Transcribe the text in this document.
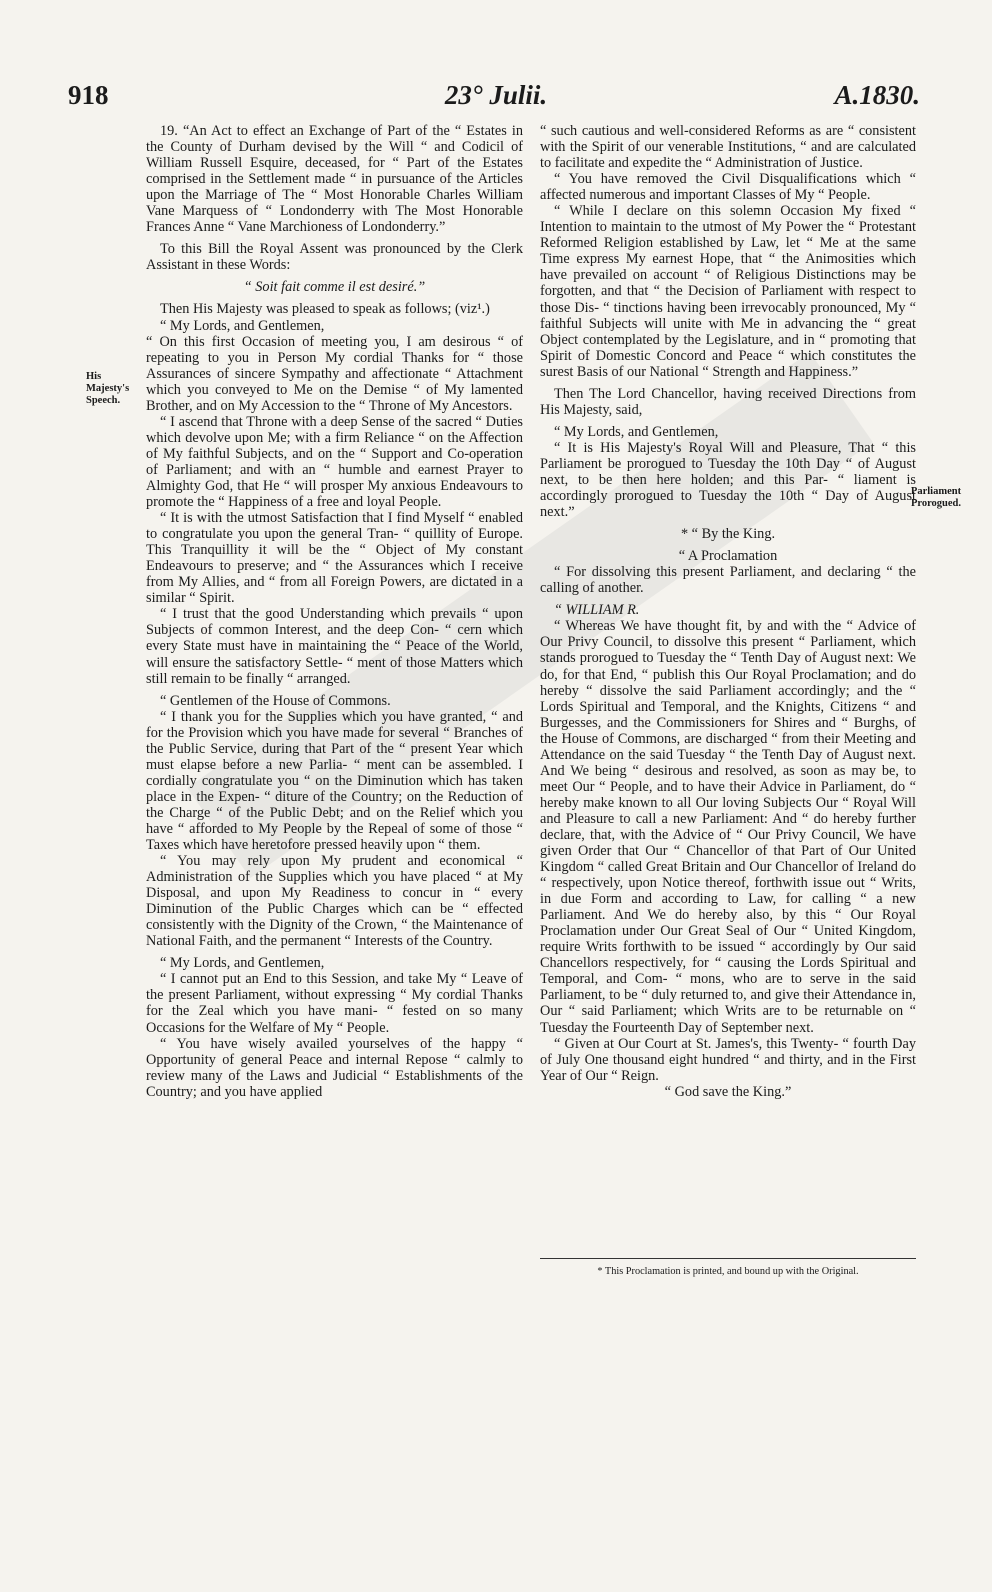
918	23° Julii.	A.1830.
His Majesty's Speech.
Parliament Prorogued.

19. “An Act to effect an Exchange of Part of the “ Estates in the County of Durham devised by the Will “ and Codicil of William Russell Esquire, deceased, for “ Part of the Estates comprised in the Settlement made “ in pursuance of the Articles upon the Marriage of The “ Most Honorable Charles William Vane Marquess of “ Londonderry with The Most Honorable Frances Anne “ Vane Marchioness of Londonderry.”

To this Bill the Royal Assent was pronounced by the Clerk Assistant in these Words:

“ Soit fait comme il est desiré.”

Then His Majesty was pleased to speak as follows; (viz¹.)

“ My Lords, and Gentlemen,

“ On this first Occasion of meeting you, I am desirous “ of repeating to you in Person My cordial Thanks for “ those Assurances of sincere Sympathy and affectionate “ Attachment which you conveyed to Me on the Demise “ of My lamented Brother, and on My Accession to the “ Throne of My Ancestors.

“ I ascend that Throne with a deep Sense of the sacred “ Duties which devolve upon Me; with a firm Reliance “ on the Affection of My faithful Subjects, and on the “ Support and Co-operation of Parliament; and with an “ humble and earnest Prayer to Almighty God, that He “ will prosper My anxious Endeavours to promote the “ Happiness of a free and loyal People.

“ It is with the utmost Satisfaction that I find Myself “ enabled to congratulate you upon the general Tran- “ quillity of Europe. This Tranquillity it will be the “ Object of My constant Endeavours to preserve; and “ the Assurances which I receive from My Allies, and “ from all Foreign Powers, are dictated in a similar “ Spirit.

“ I trust that the good Understanding which prevails “ upon Subjects of common Interest, and the deep Con- “ cern which every State must have in maintaining the “ Peace of the World, will ensure the satisfactory Settle- “ ment of those Matters which still remain to be finally “ arranged.

“ Gentlemen of the House of Commons.

“ I thank you for the Supplies which you have granted, “ and for the Provision which you have made for several “ Branches of the Public Service, during that Part of the “ present Year which must elapse before a new Parlia- “ ment can be assembled. I cordially congratulate you “ on the Diminution which has taken place in the Expen- “ diture of the Country; on the Reduction of the Charge “ of the Public Debt; and on the Relief which you have “ afforded to My People by the Repeal of some of those “ Taxes which have heretofore pressed heavily upon “ them.

“ You may rely upon My prudent and economical “ Administration of the Supplies which you have placed “ at My Disposal, and upon My Readiness to concur in “ every Diminution of the Public Charges which can be “ effected consistently with the Dignity of the Crown, “ the Maintenance of National Faith, and the permanent “ Interests of the Country.

“ My Lords, and Gentlemen,

“ I cannot put an End to this Session, and take My “ Leave of the present Parliament, without expressing “ My cordial Thanks for the Zeal which you have mani- “ fested on so many Occasions for the Welfare of My “ People.

“ You have wisely availed yourselves of the happy “ Opportunity of general Peace and internal Repose “ calmly to review many of the Laws and Judicial “ Establishments of the Country; and you have applied

“ such cautious and well-considered Reforms as are “ consistent with the Spirit of our venerable Institutions, “ and are calculated to facilitate and expedite the “ Administration of Justice.

“ You have removed the Civil Disqualifications which “ affected numerous and important Classes of My “ People.

“ While I declare on this solemn Occasion My fixed “ Intention to maintain to the utmost of My Power the “ Protestant Reformed Religion established by Law, let “ Me at the same Time express My earnest Hope, that “ the Animosities which have prevailed on account “ of Religious Distinctions may be forgotten, and that “ the Decision of Parliament with respect to those Dis- “ tinctions having been irrevocably pronounced, My “ faithful Subjects will unite with Me in advancing the “ great Object contemplated by the Legislature, and in “ promoting that Spirit of Domestic Concord and Peace “ which constitutes the surest Basis of our National “ Strength and Happiness.”

Then The Lord Chancellor, having received Directions from His Majesty, said,

“ My Lords, and Gentlemen,

“ It is His Majesty's Royal Will and Pleasure, That “ this Parliament be prorogued to Tuesday the 10th Day “ of August next, to be then here holden; and this Par- “ liament is accordingly prorogued to Tuesday the 10th “ Day of August next.”

* “ By the King.

“ A Proclamation

“ For dissolving this present Parliament, and declaring “ the calling of another.

“ WILLIAM R.

“ Whereas We have thought fit, by and with the “ Advice of Our Privy Council, to dissolve this present “ Parliament, which stands prorogued to Tuesday the “ Tenth Day of August next: We do, for that End, “ publish this Our Royal Proclamation; and do hereby “ dissolve the said Parliament accordingly; and the “ Lords Spiritual and Temporal, and the Knights, Citizens “ and Burgesses, and the Commissioners for Shires and “ Burghs, of the House of Commons, are discharged “ from their Meeting and Attendance on the said Tuesday “ the Tenth Day of August next. And We being “ desirous and resolved, as soon as may be, to meet Our “ People, and to have their Advice in Parliament, do “ hereby make known to all Our loving Subjects Our “ Royal Will and Pleasure to call a new Parliament: And “ do hereby further declare, that, with the Advice of “ Our Privy Council, We have given Order that Our “ Chancellor of that Part of Our United Kingdom “ called Great Britain and Our Chancellor of Ireland do “ respectively, upon Notice thereof, forthwith issue out “ Writs, in due Form and according to Law, for calling “ a new Parliament. And We do hereby also, by this “ Our Royal Proclamation under Our Great Seal of Our “ United Kingdom, require Writs forthwith to be issued “ accordingly by Our said Chancellors respectively, for “ causing the Lords Spiritual and Temporal, and Com- “ mons, who are to serve in the said Parliament, to be “ duly returned to, and give their Attendance in, Our “ said Parliament; which Writs are to be returnable on “ Tuesday the Fourteenth Day of September next.

“ Given at Our Court at St. James's, this Twenty- “ fourth Day of July One thousand eight hundred “ and thirty, and in the First Year of Our “ Reign.

“ God save the King.”

* This Proclamation is printed, and bound up with the Original.
